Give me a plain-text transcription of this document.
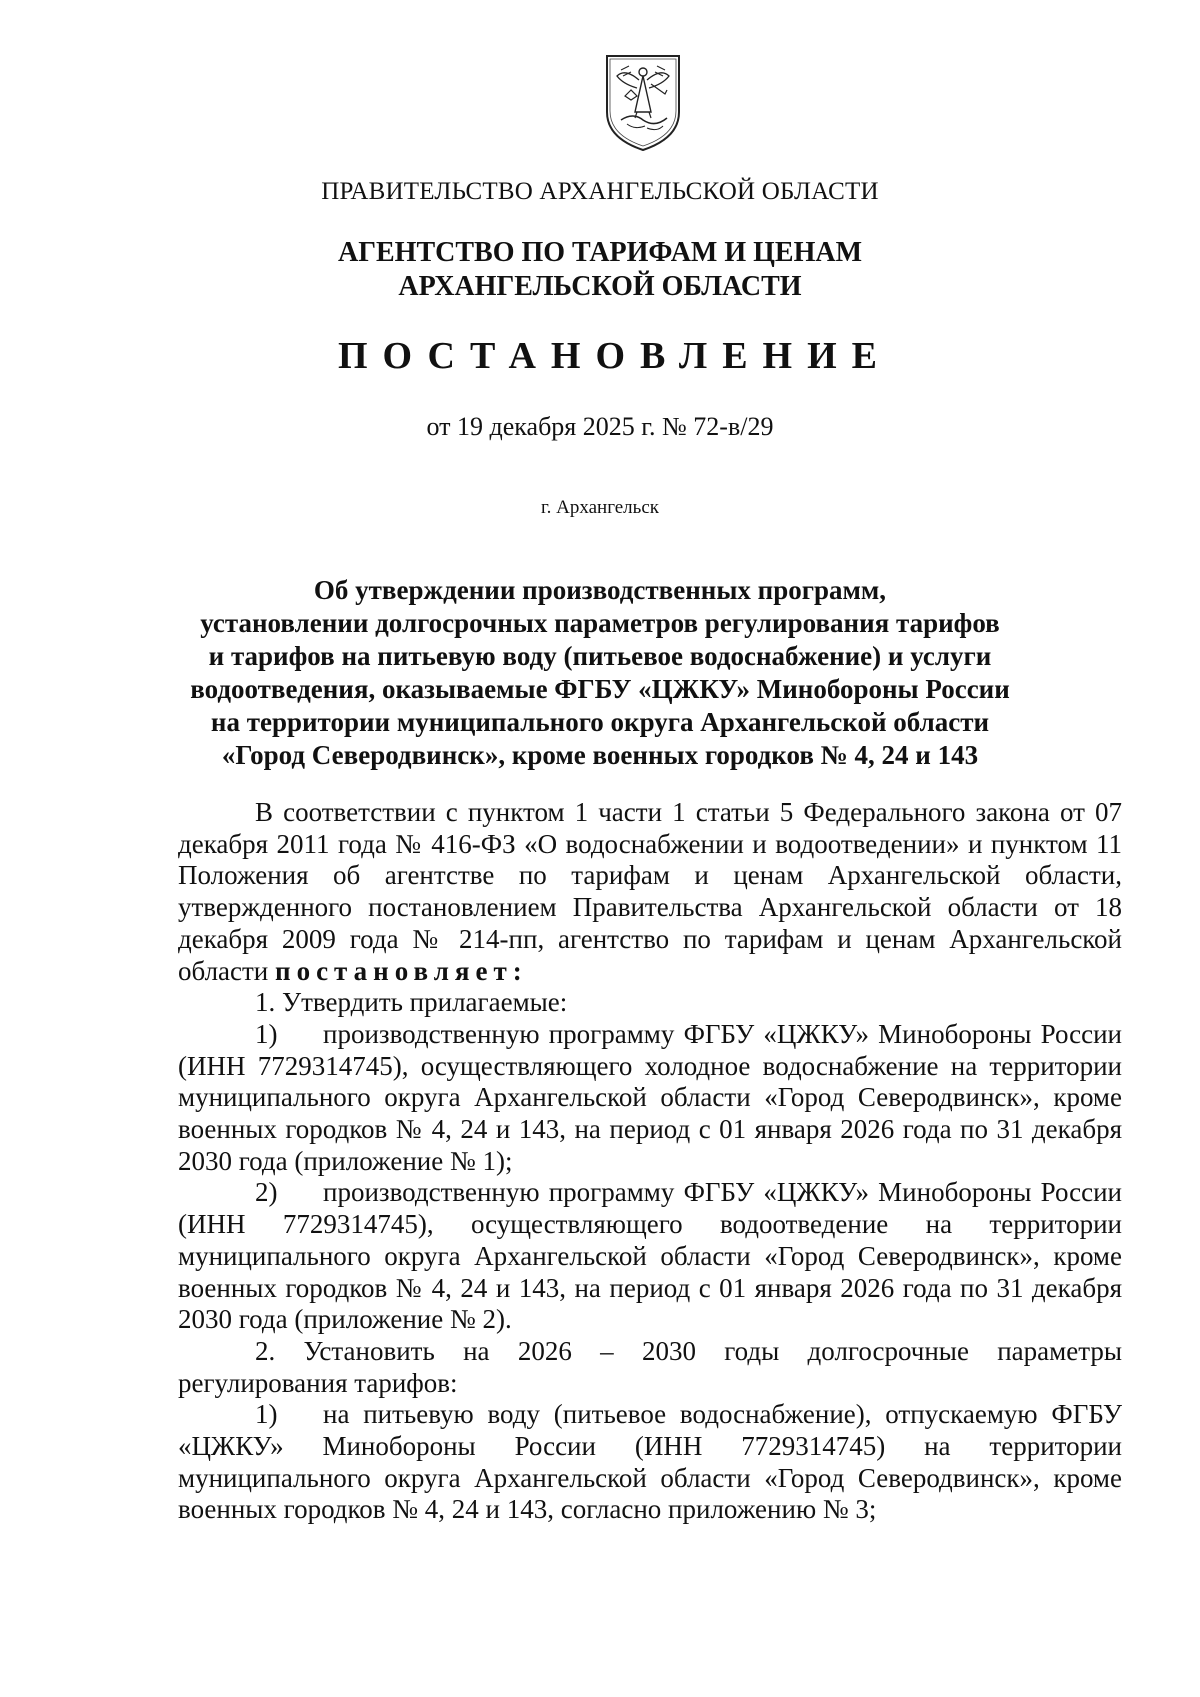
ПРАВИТЕЛЬСТВО АРХАНГЕЛЬСКОЙ ОБЛАСТИ
АГЕНТСТВО ПО ТАРИФАМ И ЦЕНАМ
АРХАНГЕЛЬСКОЙ ОБЛАСТИ
ПОСТАНОВЛЕНИЕ
от 19 декабря 2025 г. № 72-в/29
г. Архангельск
Об утверждении производственных программ,
установлении долгосрочных параметров регулирования тарифов
и тарифов на питьевую воду (питьевое водоснабжение) и услуги
водоотведения, оказываемые ФГБУ «ЦЖКУ» Минобороны России
на территории муниципального округа Архангельской области
«Город Северодвинск», кроме военных городков № 4, 24 и 143
В соответствии с пунктом 1 части 1 статьи 5 Федерального закона от 07 декабря 2011 года № 416-ФЗ «О водоснабжении и водоотведении» и пунктом 11 Положения об агентстве по тарифам и ценам Архангельской области, утвержденного постановлением Правительства Архангельской области от 18 декабря 2009 года № 214-пп, агентство по тарифам и ценам Архангельской области постановляет:
1. Утвердить прилагаемые:
1) производственную программу ФГБУ «ЦЖКУ» Минобороны России (ИНН 7729314745), осуществляющего холодное водоснабжение на территории муниципального округа Архангельской области «Город Северодвинск», кроме военных городков № 4, 24 и 143, на период с 01 января 2026 года по 31 декабря 2030 года (приложение № 1);
2) производственную программу ФГБУ «ЦЖКУ» Минобороны России (ИНН 7729314745), осуществляющего водоотведение на территории муниципального округа Архангельской области «Город Северодвинск», кроме военных городков № 4, 24 и 143, на период с 01 января 2026 года по 31 декабря 2030 года (приложение № 2).
2. Установить на 2026 – 2030 годы долгосрочные параметры регулирования тарифов:
1) на питьевую воду (питьевое водоснабжение), отпускаемую ФГБУ «ЦЖКУ» Минобороны России (ИНН 7729314745) на территории муниципального округа Архангельской области «Город Северодвинск», кроме военных городков № 4, 24 и 143, согласно приложению № 3;
